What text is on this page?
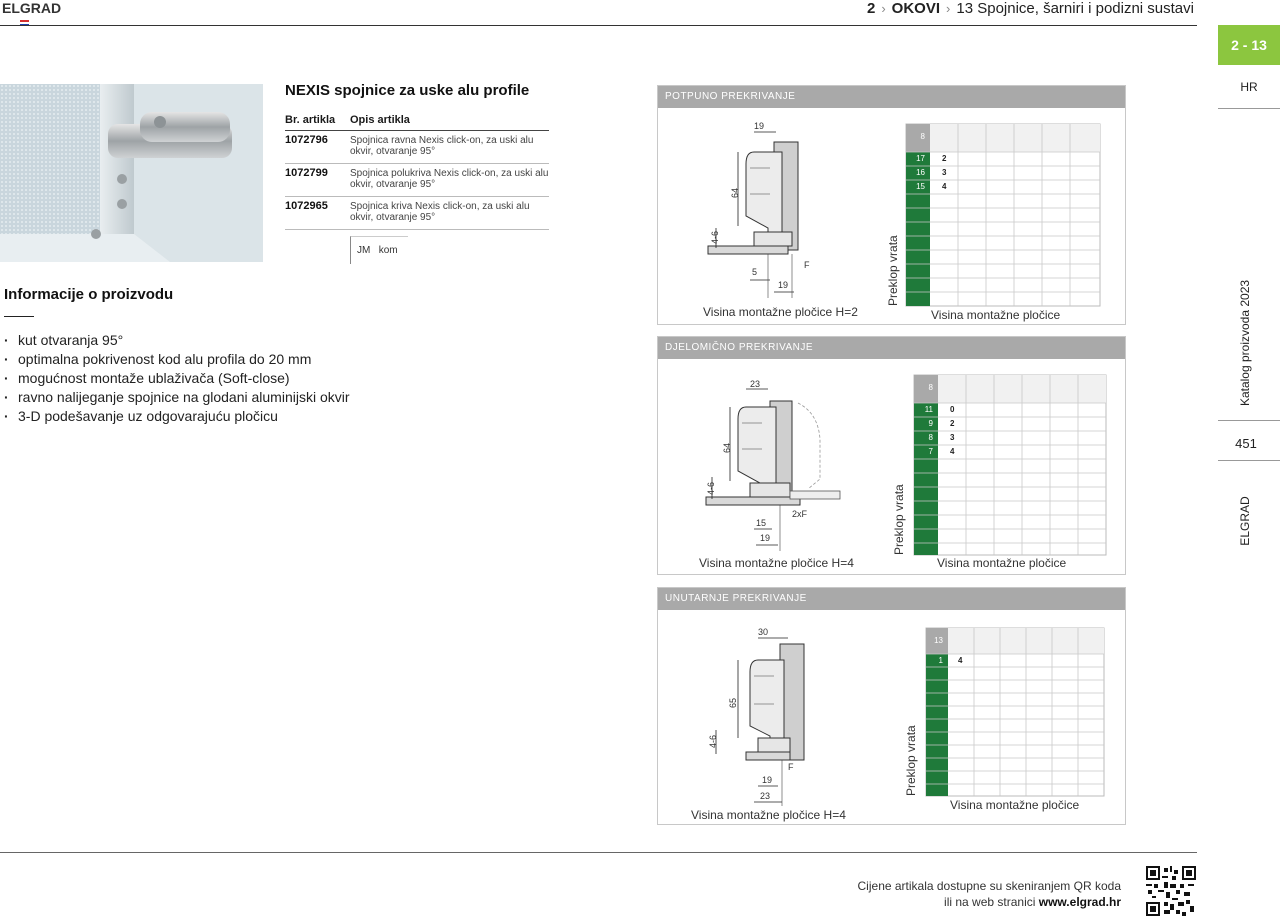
ELGRAD	2 › OKOVI › 13 Spojnice, šarniri i podizni sustavi
2 - 13
HR
Katalog proizvoda 2023
451
ELGRAD
NEXIS spojnice za uske alu profile
Br. artikla	Opis artikla
1072796	Spojnica ravna Nexis click-on, za uski alu okvir, otvaranje 95°
1072799	Spojnica polukriva Nexis click-on, za uski alu okvir, otvaranje 95°
1072965	Spojnica kriva Nexis click-on, za uski alu okvir, otvaranje 95°
JM kom
Informacije o proizvodu
· kut otvaranja 95°
· optimalna pokrivenost kod alu profila do 20 mm
· mogućnost montaže ublaživača (Soft-close)
· ravno nalijeganje spojnice na glodani aluminijski okvir
· 3-D podešavanje uz odgovarajuću pločicu
POTPUNO PREKRIVANJE
19
64
4-6
5
19
F
Visina montažne pločice H=2
8
17	2
16	3
15	4
Preklop vrata
Visina montažne pločice
DJELOMIČNO PREKRIVANJE
23
64
4-6
15
19
2xF
Visina montažne pločice H=4
8
11	0
9	2
8	3
7	4
Preklop vrata
Visina montažne pločice
UNUTARNJE PREKRIVANJE
30
65
4-6
19
23
F
Visina montažne pločice H=4
13
1	4
Preklop vrata
Visina montažne pločice
Cijene artikala dostupne su skeniranjem QR koda
ili na web stranici www.elgrad.hr
